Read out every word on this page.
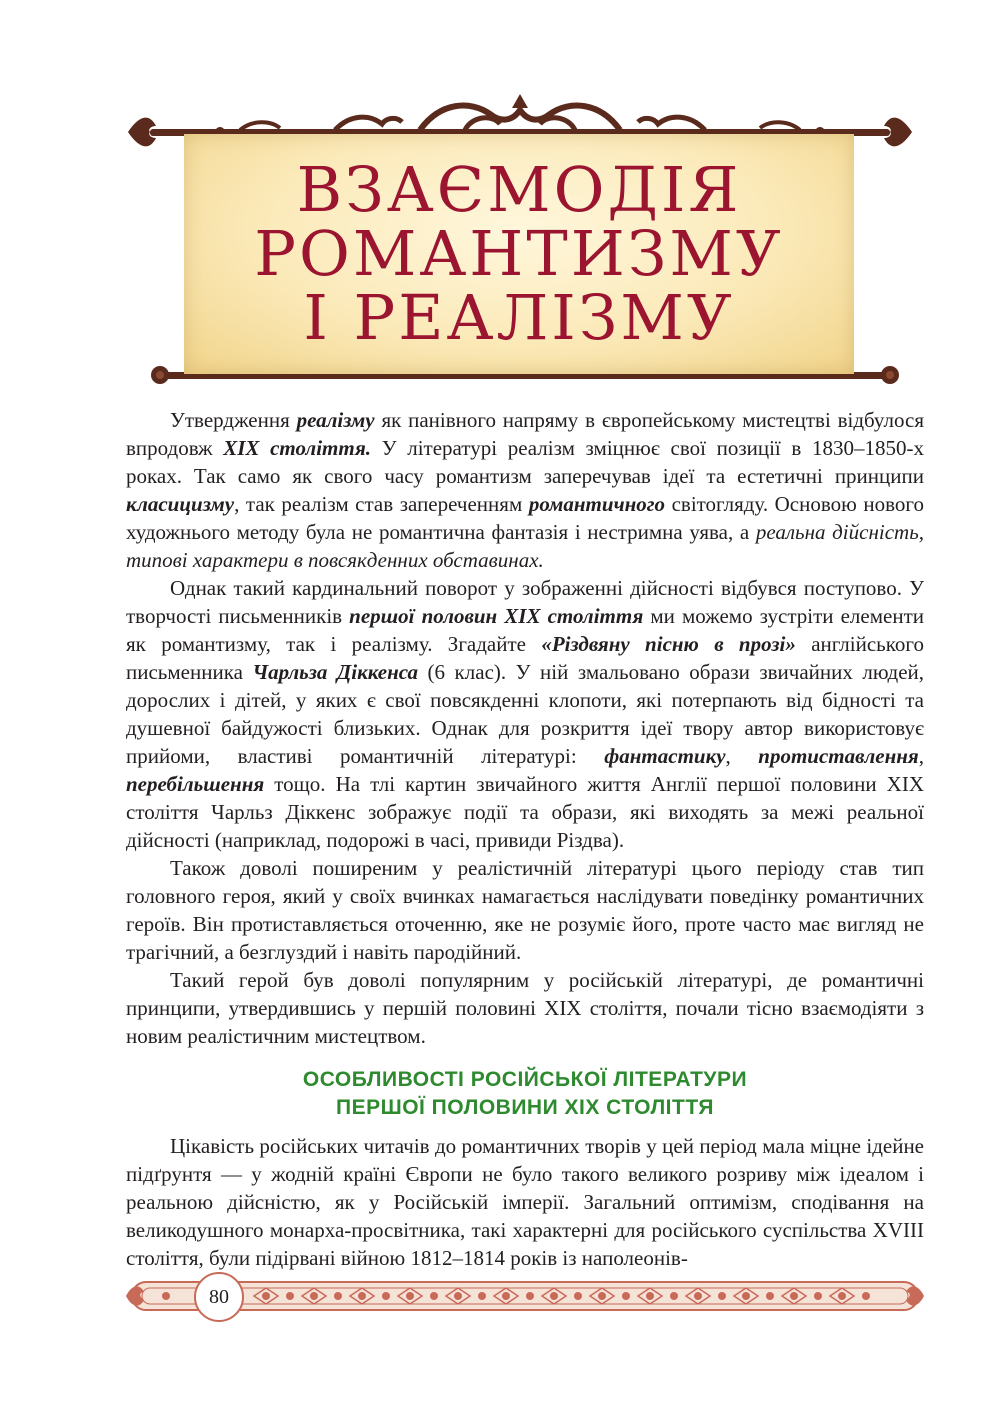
ВЗАЄМОДІЯ
РОМАНТИЗМУ
І РЕАЛІЗМУ

Утвердження реалізму як панівного напряму в європейському мистецтві відбулося впродовж XIX століття. У літературі реалізм зміцнює свої позиції в 1830–1850-х роках. Так само як свого часу романтизм заперечував ідеї та естетичні принципи класицизму, так реалізм став запереченням романтичного світогляду. Основою нового художнього методу була не романтична фантазія і нестримна уява, а реальна дійсність, типові характери в повсякденних обставинах.

Однак такий кардинальний поворот у зображенні дійсності відбувся поступово. У творчості письменників першої половин XIX століття ми можемо зустріти елементи як романтизму, так і реалізму. Згадайте «Різдвяну пісню в прозі» англійського письменника Чарльза Діккенса (6 клас). У ній змальовано образи звичайних людей, дорослих і дітей, у яких є свої повсякденні клопоти, які потерпають від бідності та душевної байдужості близьких. Однак для розкриття ідеї твору автор використовує прийоми, властиві романтичній літературі: фантастику, протиставлення, перебільшення тощо. На тлі картин звичайного життя Англії першої половини XIX століття Чарльз Діккенс зображує події та образи, які виходять за межі реальної дійсності (наприклад, подорожі в часі, привиди Різдва).

Також доволі поширеним у реалістичній літературі цього періоду став тип головного героя, який у своїх вчинках намагається наслідувати поведінку романтичних героїв. Він протиставляється оточенню, яке не розуміє його, проте часто має вигляд не трагічний, а безглуздий і навіть пародійний.

Такий герой був доволі популярним у російській літературі, де романтичні принципи, утвердившись у першій половині XIX століття, почали тісно взаємодіяти з новим реалістичним мистецтвом.

ОСОБЛИВОСТІ РОСІЙСЬКОЇ ЛІТЕРАТУРИ
ПЕРШОЇ ПОЛОВИНИ XIX СТОЛІТТЯ

Цікавість російських читачів до романтичних творів у цей період мала міцне ідейне підґрунтя — у жодній країні Європи не було такого великого розриву між ідеалом і реальною дійсністю, як у Російській імперії. Загальний оптимізм, сподівання на великодушного монарха-просвітника, такі характерні для російського суспільства XVIII століття, були підірвані війною 1812–1814 років із наполеонів-

80
